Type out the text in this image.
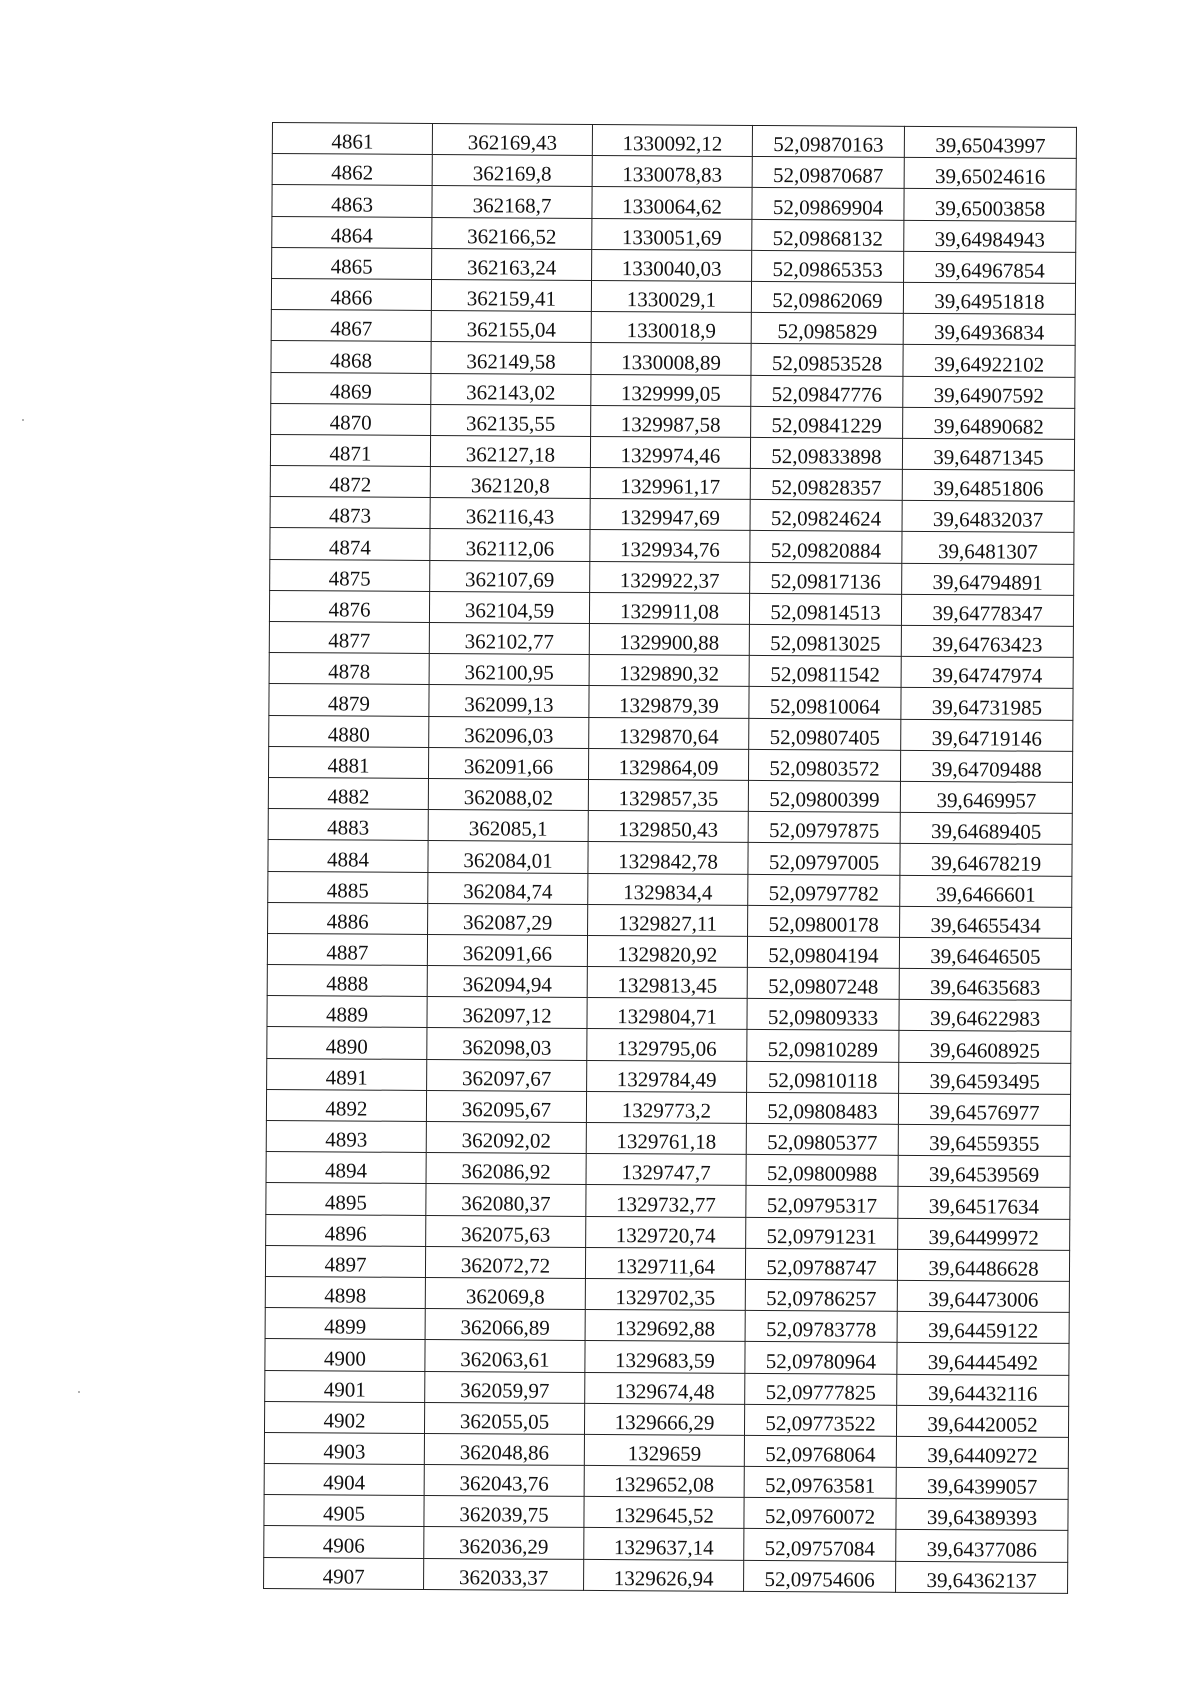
4861	362169,43	1330092,12	52,09870163	39,65043997
4862	362169,8	1330078,83	52,09870687	39,65024616
4863	362168,7	1330064,62	52,09869904	39,65003858
4864	362166,52	1330051,69	52,09868132	39,64984943
4865	362163,24	1330040,03	52,09865353	39,64967854
4866	362159,41	1330029,1	52,09862069	39,64951818
4867	362155,04	1330018,9	52,0985829	39,64936834
4868	362149,58	1330008,89	52,09853528	39,64922102
4869	362143,02	1329999,05	52,09847776	39,64907592
4870	362135,55	1329987,58	52,09841229	39,64890682
4871	362127,18	1329974,46	52,09833898	39,64871345
4872	362120,8	1329961,17	52,09828357	39,64851806
4873	362116,43	1329947,69	52,09824624	39,64832037
4874	362112,06	1329934,76	52,09820884	39,6481307
4875	362107,69	1329922,37	52,09817136	39,64794891
4876	362104,59	1329911,08	52,09814513	39,64778347
4877	362102,77	1329900,88	52,09813025	39,64763423
4878	362100,95	1329890,32	52,09811542	39,64747974
4879	362099,13	1329879,39	52,09810064	39,64731985
4880	362096,03	1329870,64	52,09807405	39,64719146
4881	362091,66	1329864,09	52,09803572	39,64709488
4882	362088,02	1329857,35	52,09800399	39,6469957
4883	362085,1	1329850,43	52,09797875	39,64689405
4884	362084,01	1329842,78	52,09797005	39,64678219
4885	362084,74	1329834,4	52,09797782	39,6466601
4886	362087,29	1329827,11	52,09800178	39,64655434
4887	362091,66	1329820,92	52,09804194	39,64646505
4888	362094,94	1329813,45	52,09807248	39,64635683
4889	362097,12	1329804,71	52,09809333	39,64622983
4890	362098,03	1329795,06	52,09810289	39,64608925
4891	362097,67	1329784,49	52,09810118	39,64593495
4892	362095,67	1329773,2	52,09808483	39,64576977
4893	362092,02	1329761,18	52,09805377	39,64559355
4894	362086,92	1329747,7	52,09800988	39,64539569
4895	362080,37	1329732,77	52,09795317	39,64517634
4896	362075,63	1329720,74	52,09791231	39,64499972
4897	362072,72	1329711,64	52,09788747	39,64486628
4898	362069,8	1329702,35	52,09786257	39,64473006
4899	362066,89	1329692,88	52,09783778	39,64459122
4900	362063,61	1329683,59	52,09780964	39,64445492
4901	362059,97	1329674,48	52,09777825	39,64432116
4902	362055,05	1329666,29	52,09773522	39,64420052
4903	362048,86	1329659	52,09768064	39,64409272
4904	362043,76	1329652,08	52,09763581	39,64399057
4905	362039,75	1329645,52	52,09760072	39,64389393
4906	362036,29	1329637,14	52,09757084	39,64377086
4907	362033,37	1329626,94	52,09754606	39,64362137
